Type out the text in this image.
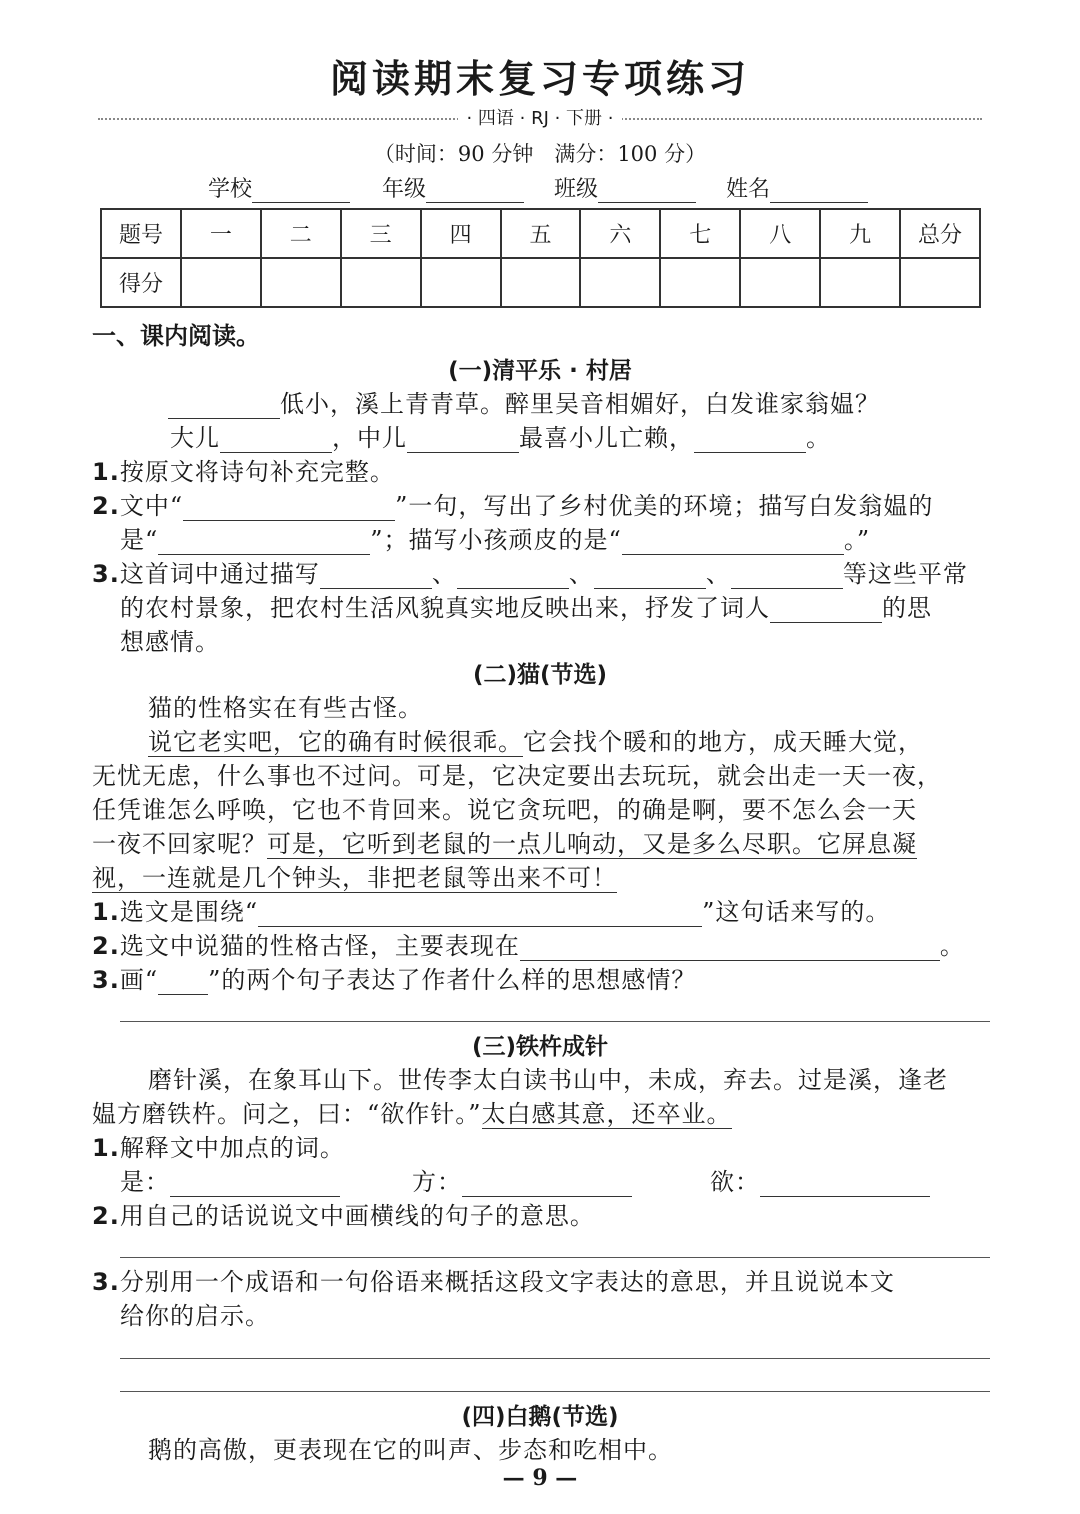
阅读期末复习专项练习
· 四语 · RJ · 下册 ·
（时间：90 分钟　满分：100 分）
学校	年级	班级	姓名
题号	一	二	三	四	五	六	七	八	九	总分
得分										
一、课内阅读。
(一)清平乐 · 村居
低小，溪上青青草。醉里吴音相媚好，白发谁家翁媪？
大儿	，中儿	最喜小儿亡赖，	。
1.按原文将诗句补充完整。
2.文中“	”一句，写出了乡村优美的环境；描写白发翁媪的
是“	”；描写小孩顽皮的是“	。”
3.这首词中通过描写	、	、	、	等这些平常
的农村景象，把农村生活风貌真实地反映出来，抒发了词人	的思
想感情。
(二)猫(节选)
猫的性格实在有些古怪。
说它老实吧，它的确有时候很乖。它会找个暖和的地方，成天睡大觉，
无忧无虑，什么事也不过问。可是，它决定要出去玩玩，就会出走一天一夜，
任凭谁怎么呼唤，它也不肯回来。说它贪玩吧，的确是啊，要不怎么会一天
一夜不回家呢？可是，它听到老鼠的一点儿响动，又是多么尽职。它屏息凝
视，一连就是几个钟头，非把老鼠等出来不可！
1.选文是围绕“	”这句话来写的。
2.选文中说猫的性格古怪，主要表现在	。
3.画“ ”的两个句子表达了作者什么样的思想感情？
(三)铁杵成针
磨针溪，在象耳山下。世传李太白读书山中，未成，弃去。过是溪，逢老
媪方磨铁杵。问之，曰：“欲作针。”太白感其意，还卒业。
1.解释文中加点的词。
是：	方：	欲：
2.用自己的话说说文中画横线的句子的意思。
3.分别用一个成语和一句俗语来概括这段文字表达的意思，并且说说本文
给你的启示。
(四)白鹅(节选)
鹅的高傲，更表现在它的叫声、步态和吃相中。
— 9 —
